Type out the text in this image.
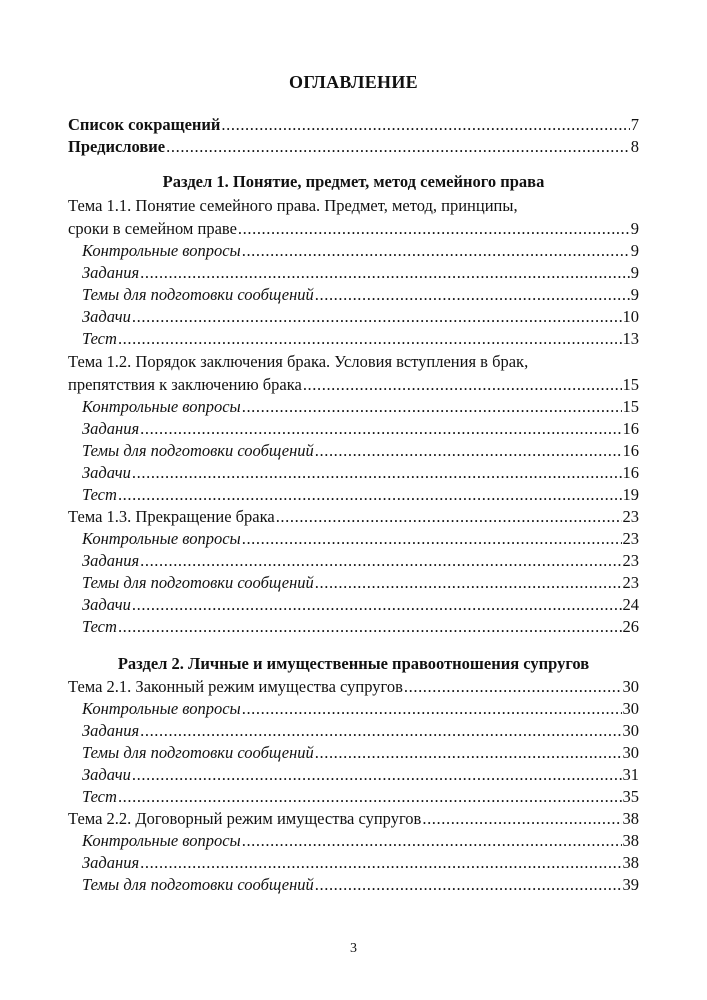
ОГЛАВЛЕНИЕ
Список сокращений .....	7
Предисловие .....	8
Раздел 1. Понятие, предмет, метод семейного права
Тема 1.1. Понятие семейного права. Предмет, метод, принципы,
сроки в семейном праве .....	9
Контрольные вопросы .....	9
Задания .....	9
Темы для подготовки сообщений .....	9
Задачи .....	10
Тест .....	13
Тема 1.2. Порядок заключения брака. Условия вступления в брак,
препятствия к заключению брака .....	15
Контрольные вопросы .....	15
Задания .....	16
Темы для подготовки сообщений .....	16
Задачи .....	16
Тест .....	19
Тема 1.3. Прекращение брака .....	23
Контрольные вопросы .....	23
Задания .....	23
Темы для подготовки сообщений .....	23
Задачи .....	24
Тест .....	26
Раздел 2. Личные и имущественные правоотношения супругов
Тема 2.1. Законный режим имущества супругов .....	30
Контрольные вопросы .....	30
Задания .....	30
Темы для подготовки сообщений .....	30
Задачи .....	31
Тест .....	35
Тема 2.2. Договорный режим имущества супругов .....	38
Контрольные вопросы .....	38
Задания .....	38
Темы для подготовки сообщений .....	39
3
